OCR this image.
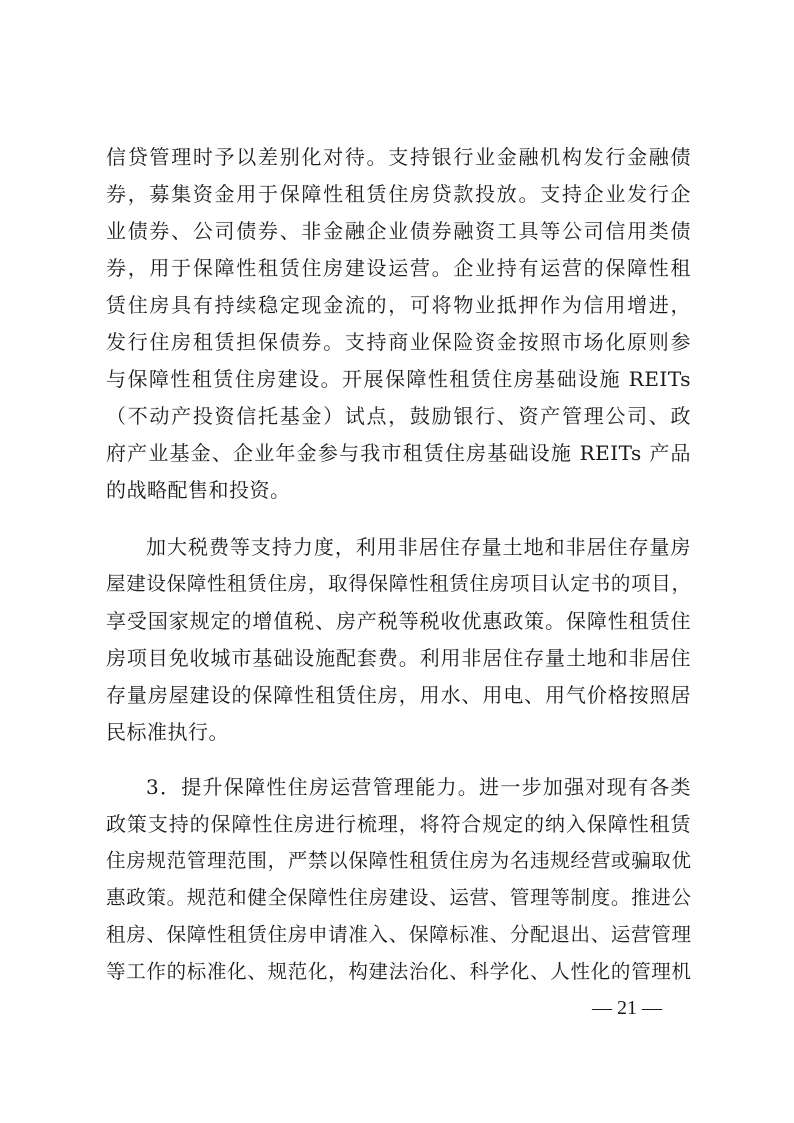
信贷管理时予以差别化对待。支持银行业金融机构发行金融债
券，募集资金用于保障性租赁住房贷款投放。支持企业发行企
业债券、公司债券、非金融企业债券融资工具等公司信用类债
券，用于保障性租赁住房建设运营。企业持有运营的保障性租
赁住房具有持续稳定现金流的，可将物业抵押作为信用增进，
发行住房租赁担保债券。支持商业保险资金按照市场化原则参
与保障性租赁住房建设。开展保障性租赁住房基础设施 REITs
（不动产投资信托基金）试点，鼓励银行、资产管理公司、政
府产业基金、企业年金参与我市租赁住房基础设施 REITs 产品
的战略配售和投资。
加大税费等支持力度，利用非居住存量土地和非居住存量房
屋建设保障性租赁住房，取得保障性租赁住房项目认定书的项目，
享受国家规定的增值税、房产税等税收优惠政策。保障性租赁住
房项目免收城市基础设施配套费。利用非居住存量土地和非居住
存量房屋建设的保障性租赁住房，用水、用电、用气价格按照居
民标准执行。
3．提升保障性住房运营管理能力。进一步加强对现有各类
政策支持的保障性住房进行梳理，将符合规定的纳入保障性租赁
住房规范管理范围，严禁以保障性租赁住房为名违规经营或骗取优
惠政策。规范和健全保障性住房建设、运营、管理等制度。推进公
租房、保障性租赁住房申请准入、保障标准、分配退出、运营管理
等工作的标准化、规范化，构建法治化、科学化、人性化的管理机
— 21 —
